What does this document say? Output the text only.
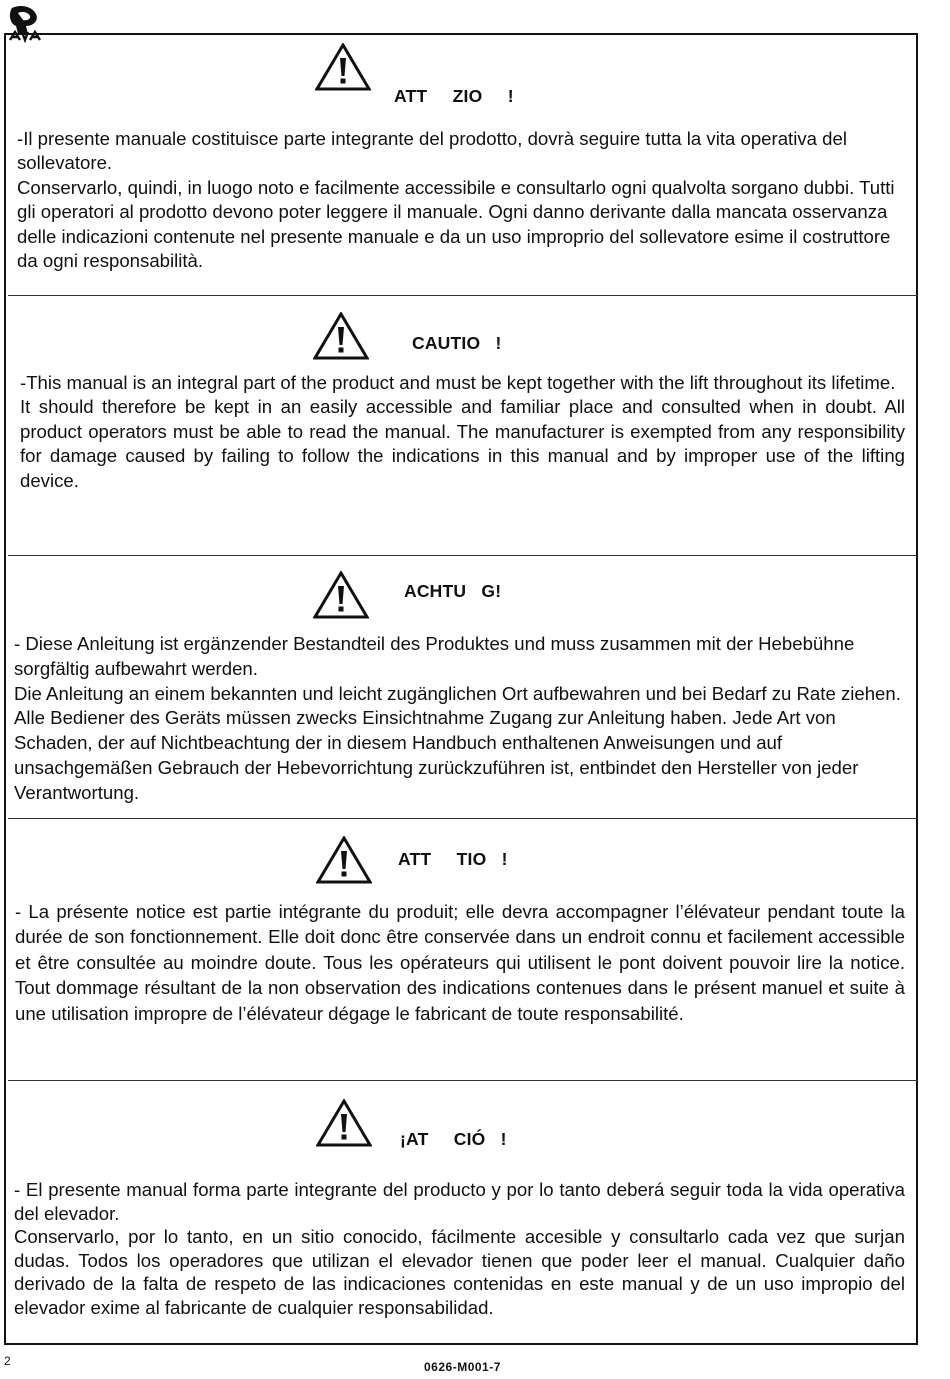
ATT     ZIO     !

-Il presente manuale costituisce parte integrante del prodotto, dovrà seguire tutta la vita operativa del sollevatore.

Conservarlo, quindi, in luogo noto e facilmente accessibile e consultarlo ogni qualvolta sorgano dubbi. Tutti gli operatori al prodotto devono poter leggere il manuale. Ogni danno derivante dalla mancata osservanza delle indicazioni contenute nel presente manuale e da un uso improprio del sollevatore esime il costruttore da ogni responsabilità.

CAUTIO   !

-This manual is an integral part of the product and must be kept together with the lift throughout its lifetime.

It should therefore be kept in an easily accessible and familiar place and consulted when in doubt. All product operators must be able to read the manual. The manufacturer is exempted from any responsibility for damage caused by failing to follow the indications in this manual and by improper use of the lifting device.

ACHTU   G!

- Diese Anleitung ist ergänzender Bestandteil des Produktes und muss zusammen mit der Hebebühne sorgfältig aufbewahrt werden.

Die Anleitung an einem bekannten und leicht zugänglichen Ort aufbewahren und bei Bedarf zu Rate ziehen. Alle Bediener des Geräts müssen zwecks Einsichtnahme Zugang zur Anleitung haben. Jede Art von Schaden, der auf Nichtbeachtung der in diesem Handbuch enthaltenen Anweisungen und auf unsachgemäßen Gebrauch der Hebevorrichtung zurückzuführen ist, entbindet den Hersteller von jeder Verantwortung.

ATT     TIO   !

- La présente notice est partie intégrante du produit; elle devra accompagner l’élévateur pendant toute la durée de son fonctionnement. Elle doit donc être conservée dans un endroit connu et facilement accessible et être consultée au moindre doute. Tous les opérateurs qui utilisent le pont doivent pouvoir lire la notice. Tout dommage résultant de la non observation des indications contenues dans le présent manuel et suite à une utilisation impropre de l’élévateur dégage le fabricant de toute responsabilité.

¡AT     CIÓ   !

- El presente manual forma parte integrante del producto y por lo tanto deberá seguir toda la vida operativa del elevador.

Conservarlo, por lo tanto, en un sitio conocido, fácilmente accesible y consultarlo cada vez que surjan dudas. Todos los operadores que utilizan el elevador tienen que poder leer el manual. Cualquier daño derivado de la falta de respeto de las indicaciones contenidas en este manual y de un uso impropio del elevador exime al fabricante de cualquier responsabilidad.

2	0626-M001-7
